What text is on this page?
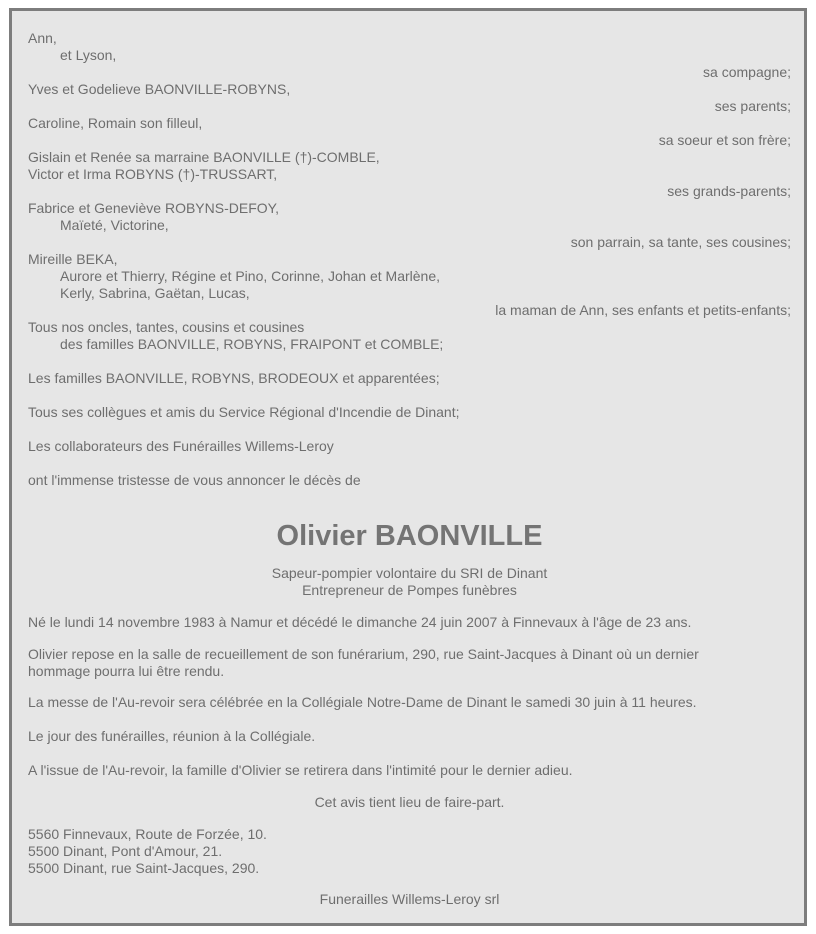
Ann,
et Lyson,
sa compagne;
Yves et Godelieve BAONVILLE-ROBYNS,
ses parents;
Caroline, Romain son filleul,
sa soeur et son frère;
Gislain et Renée sa marraine BAONVILLE (†)-COMBLE,
Victor et Irma ROBYNS (†)-TRUSSART,
ses grands-parents;
Fabrice et Geneviève ROBYNS-DEFOY,
Maïeté, Victorine,
son parrain, sa tante, ses cousines;
Mireille BEKA,
Aurore et Thierry, Régine et Pino, Corinne, Johan et Marlène,
Kerly, Sabrina, Gaëtan, Lucas,
la maman de Ann, ses enfants et petits-enfants;
Tous nos oncles, tantes, cousins et cousines
des familles BAONVILLE, ROBYNS, FRAIPONT et COMBLE;
Les familles BAONVILLE, ROBYNS, BRODEOUX et apparentées;
Tous ses collègues et amis du Service Régional d'Incendie de Dinant;
Les collaborateurs des Funérailles Willems-Leroy
ont l'immense tristesse de vous annoncer le décès de
Olivier BAONVILLE
Sapeur-pompier volontaire du SRI de Dinant
Entrepreneur de Pompes funèbres
Né le lundi 14 novembre 1983 à Namur et décédé le dimanche 24 juin 2007 à Finnevaux à l'âge de 23 ans.
Olivier repose en la salle de recueillement de son funérarium, 290, rue Saint-Jacques à Dinant où un dernier
hommage pourra lui être rendu.
La messe de l'Au-revoir sera célébrée en la Collégiale Notre-Dame de Dinant le samedi 30 juin à 11 heures.
Le jour des funérailles, réunion à la Collégiale.
A l'issue de l'Au-revoir, la famille d'Olivier se retirera dans l'intimité pour le dernier adieu.
Cet avis tient lieu de faire-part.
5560 Finnevaux, Route de Forzée, 10.
5500 Dinant, Pont d'Amour, 21.
5500 Dinant, rue Saint-Jacques, 290.
Funerailles Willems-Leroy srl
